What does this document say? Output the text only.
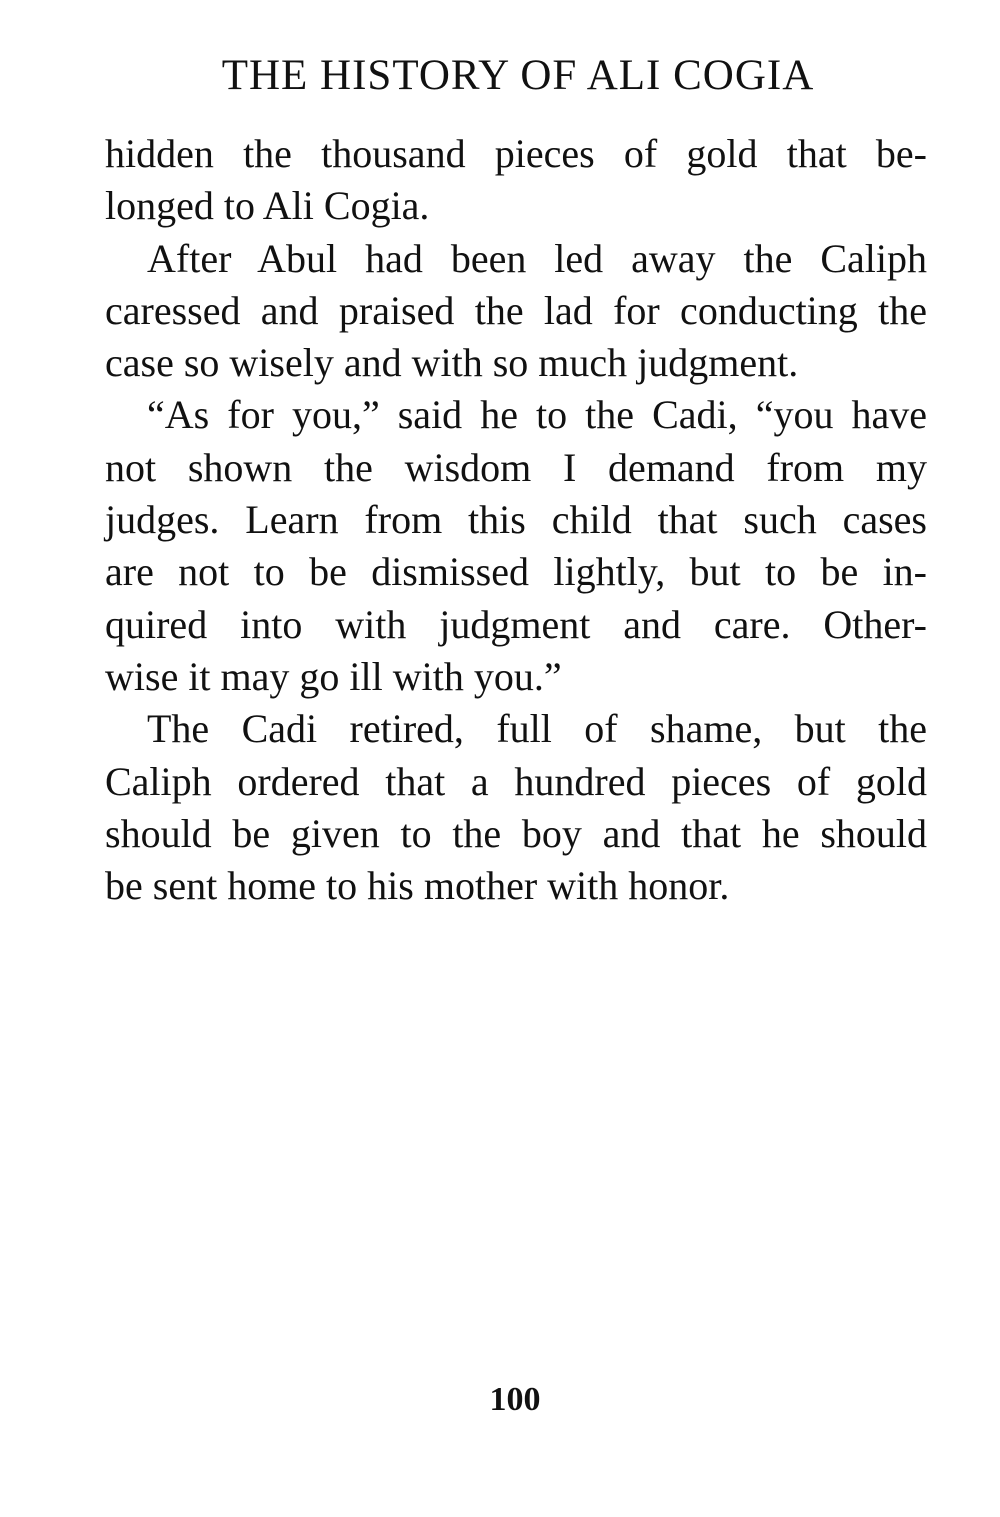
THE HISTORY OF ALI COGIA
hidden the thousand pieces of gold that be-
longed to Ali Cogia.
After Abul had been led away the Caliph
caressed and praised the lad for conducting the
case so wisely and with so much judgment.
“As for you,” said he to the Cadi, “you have
not shown the wisdom I demand from my
judges. Learn from this child that such cases
are not to be dismissed lightly, but to be in-
quired into with judgment and care. Other-
wise it may go ill with you.”
The Cadi retired, full of shame, but the
Caliph ordered that a hundred pieces of gold
should be given to the boy and that he should
be sent home to his mother with honor.
100
